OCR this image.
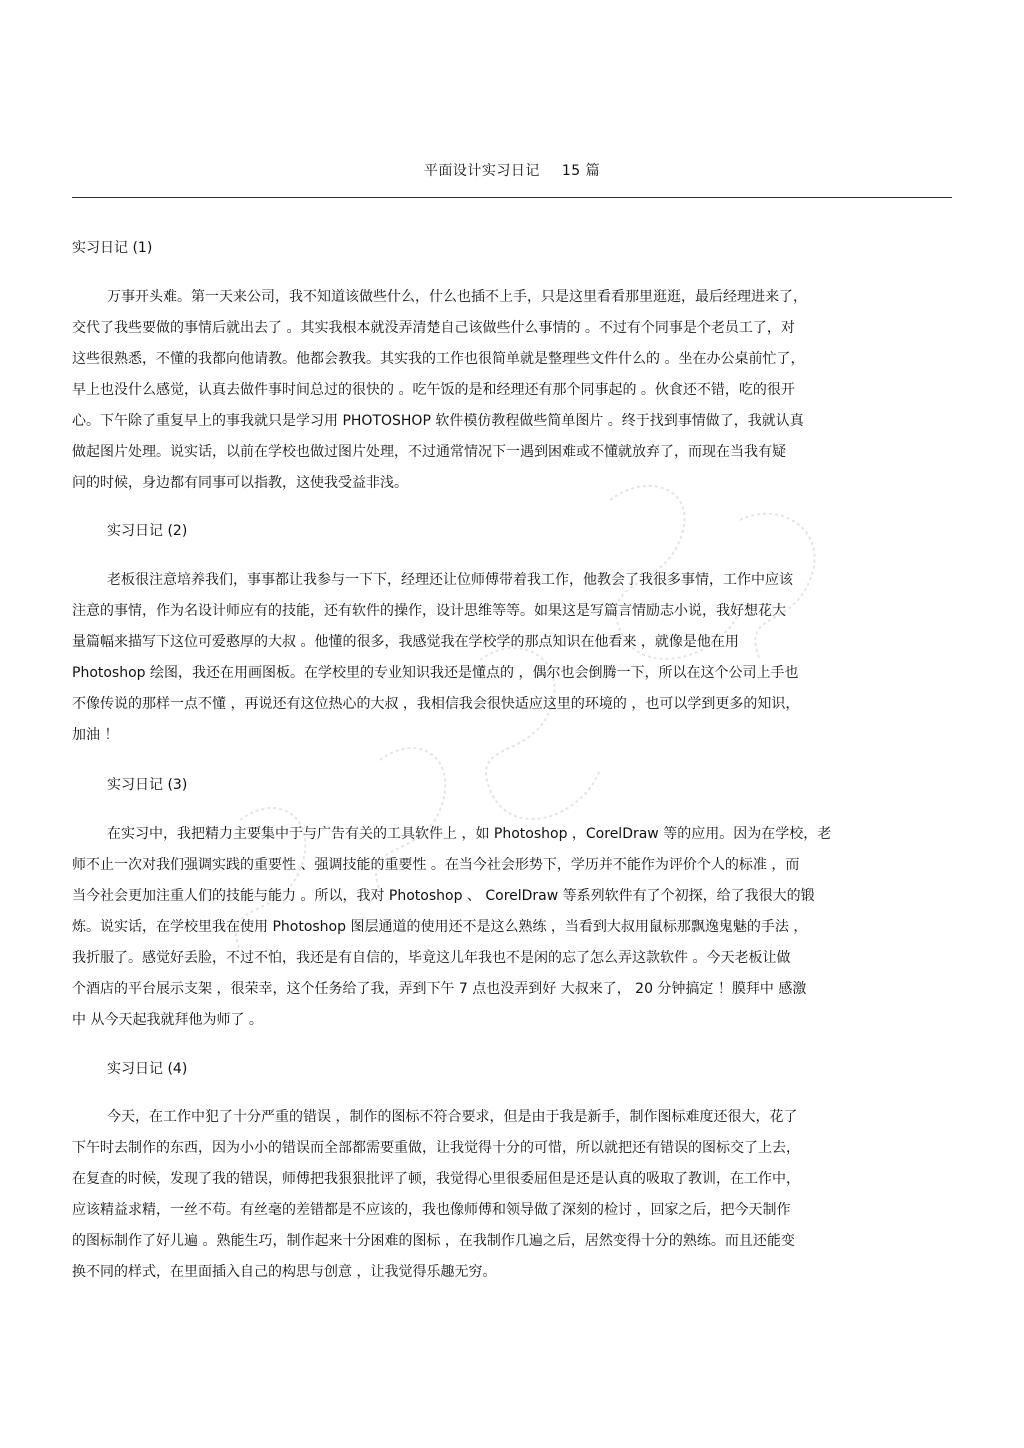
平面设计实习日记 15 篇
实习日记 (1)
万事开头难。第一天来公司，我不知道该做些什么，什么也插不上手，只是这里看看那里逛逛，最后经理进来了，
交代了我些要做的事情后就出去了 。其实我根本就没弄清楚自己该做些什么事情的 。不过有个同事是个老员工了，对
这些很熟悉，不懂的我都向他请教。他都会教我。其实我的工作也很简单就是整理些文件什么的 。坐在办公桌前忙了，
早上也没什么感觉，认真去做件事时间总过的很快的 。吃午饭的是和经理还有那个同事起的 。伙食还不错，吃的很开
心。下午除了重复早上的事我就只是学习用 PHOTOSHOP 软件模仿教程做些简单图片 。终于找到事情做了，我就认真
做起图片处理。说实话，以前在学校也做过图片处理，不过通常情况下一遇到困难或不懂就放弃了，而现在当我有疑
问的时候，身边都有同事可以指教，这使我受益非浅。
实习日记 (2)
老板很注意培养我们，事事都让我参与一下下，经理还让位师傅带着我工作，他教会了我很多事情，工作中应该
注意的事情，作为名设计师应有的技能，还有软件的操作，设计思维等等。如果这是写篇言情励志小说，我好想花大
量篇幅来描写下这位可爱憨厚的大叔 。他懂的很多，我感觉我在学校学的那点知识在他看来 ，就像是他在用
Photoshop 绘图，我还在用画图板。在学校里的专业知识我还是懂点的 ，偶尔也会倒腾一下，所以在这个公司上手也
不像传说的那样一点不懂 ，再说还有这位热心的大叔 ，我相信我会很快适应这里的环境的 ，也可以学到更多的知识，
加油 ！
实习日记 (3)
在实习中，我把精力主要集中于与广告有关的工具软件上 ，如 Photoshop ，CorelDraw 等的应用。因为在学校，老
师不止一次对我们强调实践的重要性 、强调技能的重要性 。在当今社会形势下，学历并不能作为评价个人的标准 ，而
当今社会更加注重人们的技能与能力 。所以，我对 Photoshop 、 CorelDraw 等系列软件有了个初探，给了我很大的锻
炼。说实话，在学校里我在使用 Photoshop 图层通道的使用还不是这么熟练 ，当看到大叔用鼠标那飘逸鬼魅的手法 ，
我折服了。感觉好丢脸，不过不怕，我还是有自信的，毕竟这儿年我也不是闲的忘了怎么弄这款软件 。今天老板让做
个酒店的平台展示支架 ，很荣幸，这个任务给了我，弄到下午 7 点也没弄到好 大叔来了， 20 分钟搞定 ！膜拜中 感激
中 从今天起我就拜他为师了 。
实习日记 (4)
今天，在工作中犯了十分严重的错误 ，制作的图标不符合要求，但是由于我是新手，制作图标难度还很大，花了
下午时去制作的东西，因为小小的错误而全部都需要重做，让我觉得十分的可惜，所以就把还有错误的图标交了上去，
在复查的时候，发现了我的错误，师傅把我狠狠批评了顿，我觉得心里很委屈但是还是认真的吸取了教训，在工作中，
应该精益求精，一丝不苟。有丝毫的差错都是不应该的，我也像师傅和领导做了深刻的检讨 ，回家之后，把今天制作
的图标制作了好儿遍 。熟能生巧，制作起来十分困难的图标 ，在我制作几遍之后，居然变得十分的熟练。而且还能变
换不同的样式，在里面插入自己的构思与创意 ，让我觉得乐趣无穷。
